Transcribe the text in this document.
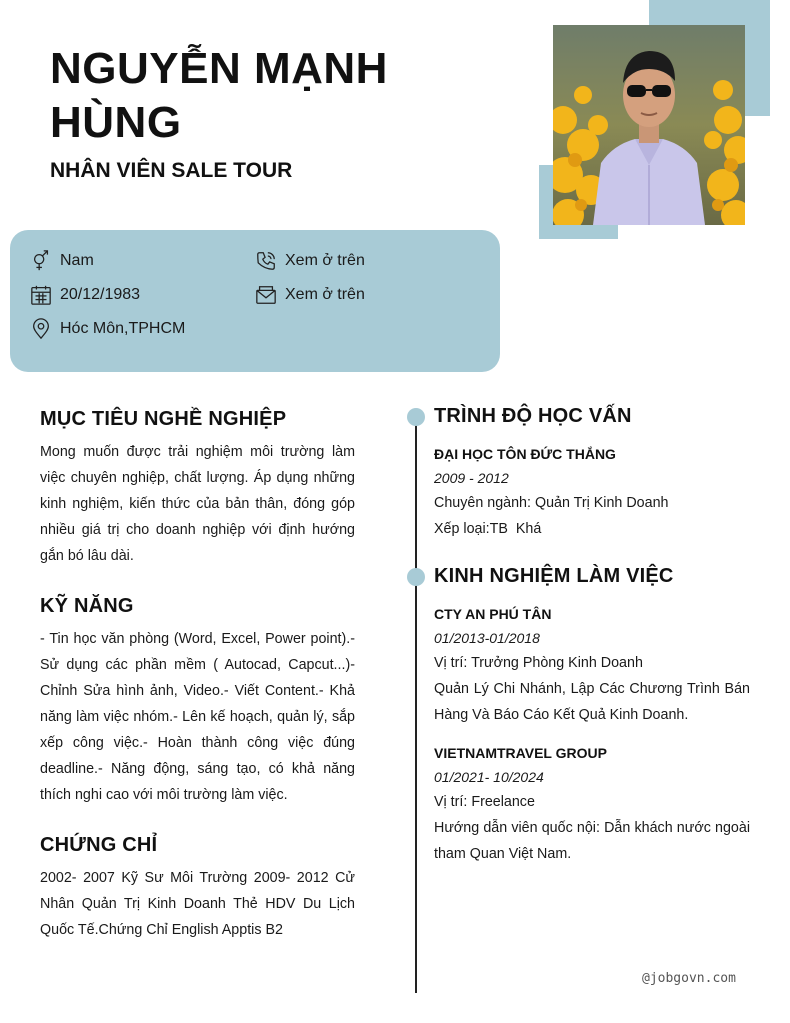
NGUYỄN MẠNH HÙNG
NHÂN VIÊN SALE TOUR
Nam
20/12/1983
Hóc Môn,TPHCM
Xem ở trên
Xem ở trên
MỤC TIÊU NGHỀ NGHIỆP
Mong muốn được trải nghiệm môi trường làm việc chuyên nghiệp, chất lượng. Áp dụng những kinh nghiệm, kiến thức của bản thân, đóng góp nhiều giá trị cho doanh nghiệp với định hướng gắn bó lâu dài.
KỸ NĂNG
- Tin học văn phòng (Word, Excel, Power point).- Sử dụng các phần mềm ( Autocad, Capcut...)- Chỉnh Sửa hình ảnh, Video.- Viết Content.- Khả năng làm việc nhóm.- Lên kế hoạch, quản lý, sắp xếp công việc.- Hoàn thành công việc đúng deadline.- Năng động, sáng tạo, có khả năng thích nghi cao với môi trường làm việc.
CHỨNG CHỈ
2002- 2007 Kỹ Sư Môi Trường 2009- 2012 Cử Nhân Quản Trị Kinh Doanh Thẻ HDV Du Lịch Quốc Tế.Chứng Chỉ English Apptis B2
TRÌNH ĐỘ HỌC VẤN
ĐẠI HỌC TÔN ĐỨC THẮNG
2009 - 2012
Chuyên ngành: Quản Trị Kinh Doanh
Xếp loại:TB  Khá
KINH NGHIỆM LÀM VIỆC
CTY AN PHÚ TÂN
01/2013-01/2018
Vị trí: Trưởng Phòng Kinh Doanh
Quản Lý Chi Nhánh, Lập Các Chương Trình Bán Hàng Và Báo Cáo Kết Quả Kinh Doanh.
VIETNAMTRAVEL GROUP
01/2021- 10/2024
Vị trí: Freelance
Hướng dẫn viên quốc nội: Dẫn khách nước ngoài tham Quan Việt Nam.
@jobgovn.com
